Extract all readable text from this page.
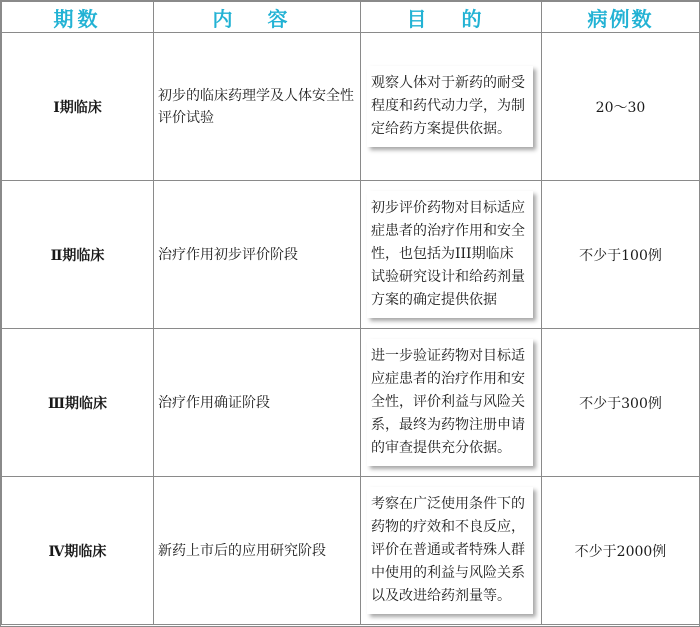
期数	内 容	目 的	病例数
Ⅰ期临床	初步的临床药理学及人体安全性评价试验	观察人体对于新药的耐受程度和药代动力学，为制定给药方案提供依据。	20～30
Ⅱ期临床	治疗作用初步评价阶段	初步评价药物对目标适应症患者的治疗作用和安全性，也包括为III期临床试验研究设计和给药剂量方案的确定提供依据	不少于100例
Ⅲ期临床	治疗作用确证阶段	进一步验证药物对目标适应症患者的治疗作用和安全性，评价利益与风险关系，最终为药物注册申请的审查提供充分依据。	不少于300例
Ⅳ期临床	新药上市后的应用研究阶段	考察在广泛使用条件下的药物的疗效和不良反应，评价在普通或者特殊人群中使用的利益与风险关系以及改进给药剂量等。	不少于2000例
